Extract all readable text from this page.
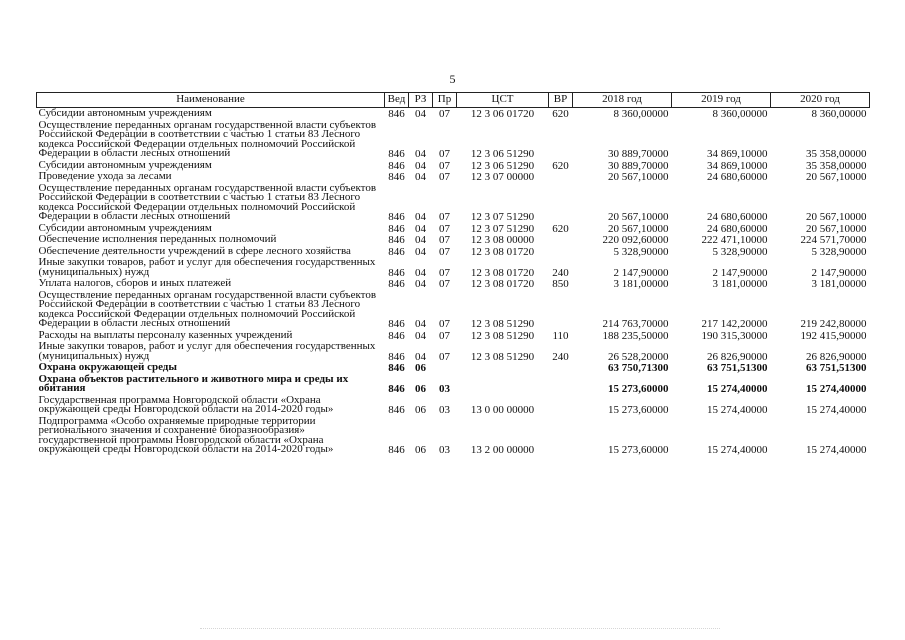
5
Наименование	Вед	РЗ	Пр	ЦСТ	ВР	2018 год	2019 год	2020 год
Субсидии автономным учреждениям	846	04	07	12 3 06 01720	620	8 360,00000	8 360,00000	8 360,00000
Осуществление переданных органам государственной власти субъектов Российской Федерации в соответствии с частью 1 статьи 83 Лесного кодекса Российской Федерации отдельных полномочий Российской Федерации в области лесных отношений	846	04	07	12 3 06 51290		30 889,70000	34 869,10000	35 358,00000
Субсидии автономным учреждениям	846	04	07	12 3 06 51290	620	30 889,70000	34 869,10000	35 358,00000
Проведение ухода за лесами	846	04	07	12 3 07 00000		20 567,10000	24 680,60000	20 567,10000
Осуществление переданных органам государственной власти субъектов Российской Федерации в соответствии с частью 1 статьи 83 Лесного кодекса Российской Федерации отдельных полномочий Российской Федерации в области лесных отношений	846	04	07	12 3 07 51290		20 567,10000	24 680,60000	20 567,10000
Субсидии автономным учреждениям	846	04	07	12 3 07 51290	620	20 567,10000	24 680,60000	20 567,10000
Обеспечение исполнения переданных полномочий	846	04	07	12 3 08 00000		220 092,60000	222 471,10000	224 571,70000
Обеспечение деятельности учреждений в сфере лесного хозяйства	846	04	07	12 3 08 01720		5 328,90000	5 328,90000	5 328,90000
Иные закупки товаров, работ и услуг для обеспечения государственных (муниципальных) нужд	846	04	07	12 3 08 01720	240	2 147,90000	2 147,90000	2 147,90000
Уплата налогов, сборов и иных платежей	846	04	07	12 3 08 01720	850	3 181,00000	3 181,00000	3 181,00000
Осуществление переданных органам государственной власти субъектов Российской Федерации в соответствии с частью 1 статьи 83 Лесного кодекса Российской Федерации отдельных полномочий Российской Федерации в области лесных отношений	846	04	07	12 3 08 51290		214 763,70000	217 142,20000	219 242,80000
Расходы на выплаты персоналу казенных учреждений	846	04	07	12 3 08 51290	110	188 235,50000	190 315,30000	192 415,90000
Иные закупки товаров, работ и услуг для обеспечения государственных (муниципальных) нужд	846	04	07	12 3 08 51290	240	26 528,20000	26 826,90000	26 826,90000
Охрана окружающей среды	846	06				63 750,71300	63 751,51300	63 751,51300
Охрана объектов растительного и животного мира и среды их обитания	846	06	03			15 273,60000	15 274,40000	15 274,40000
Государственная программа Новгородской области «Охрана окружающей среды Новгородской области на 2014-2020 годы»	846	06	03	13 0 00 00000		15 273,60000	15 274,40000	15 274,40000
Подпрограмма «Особо охраняемые природные территории регионального значения и сохранение биоразнообразия» государственной программы Новгородской области «Охрана окружающей среды Новгородской области на 2014-2020 годы»	846	06	03	13 2 00 00000		15 273,60000	15 274,40000	15 274,40000
